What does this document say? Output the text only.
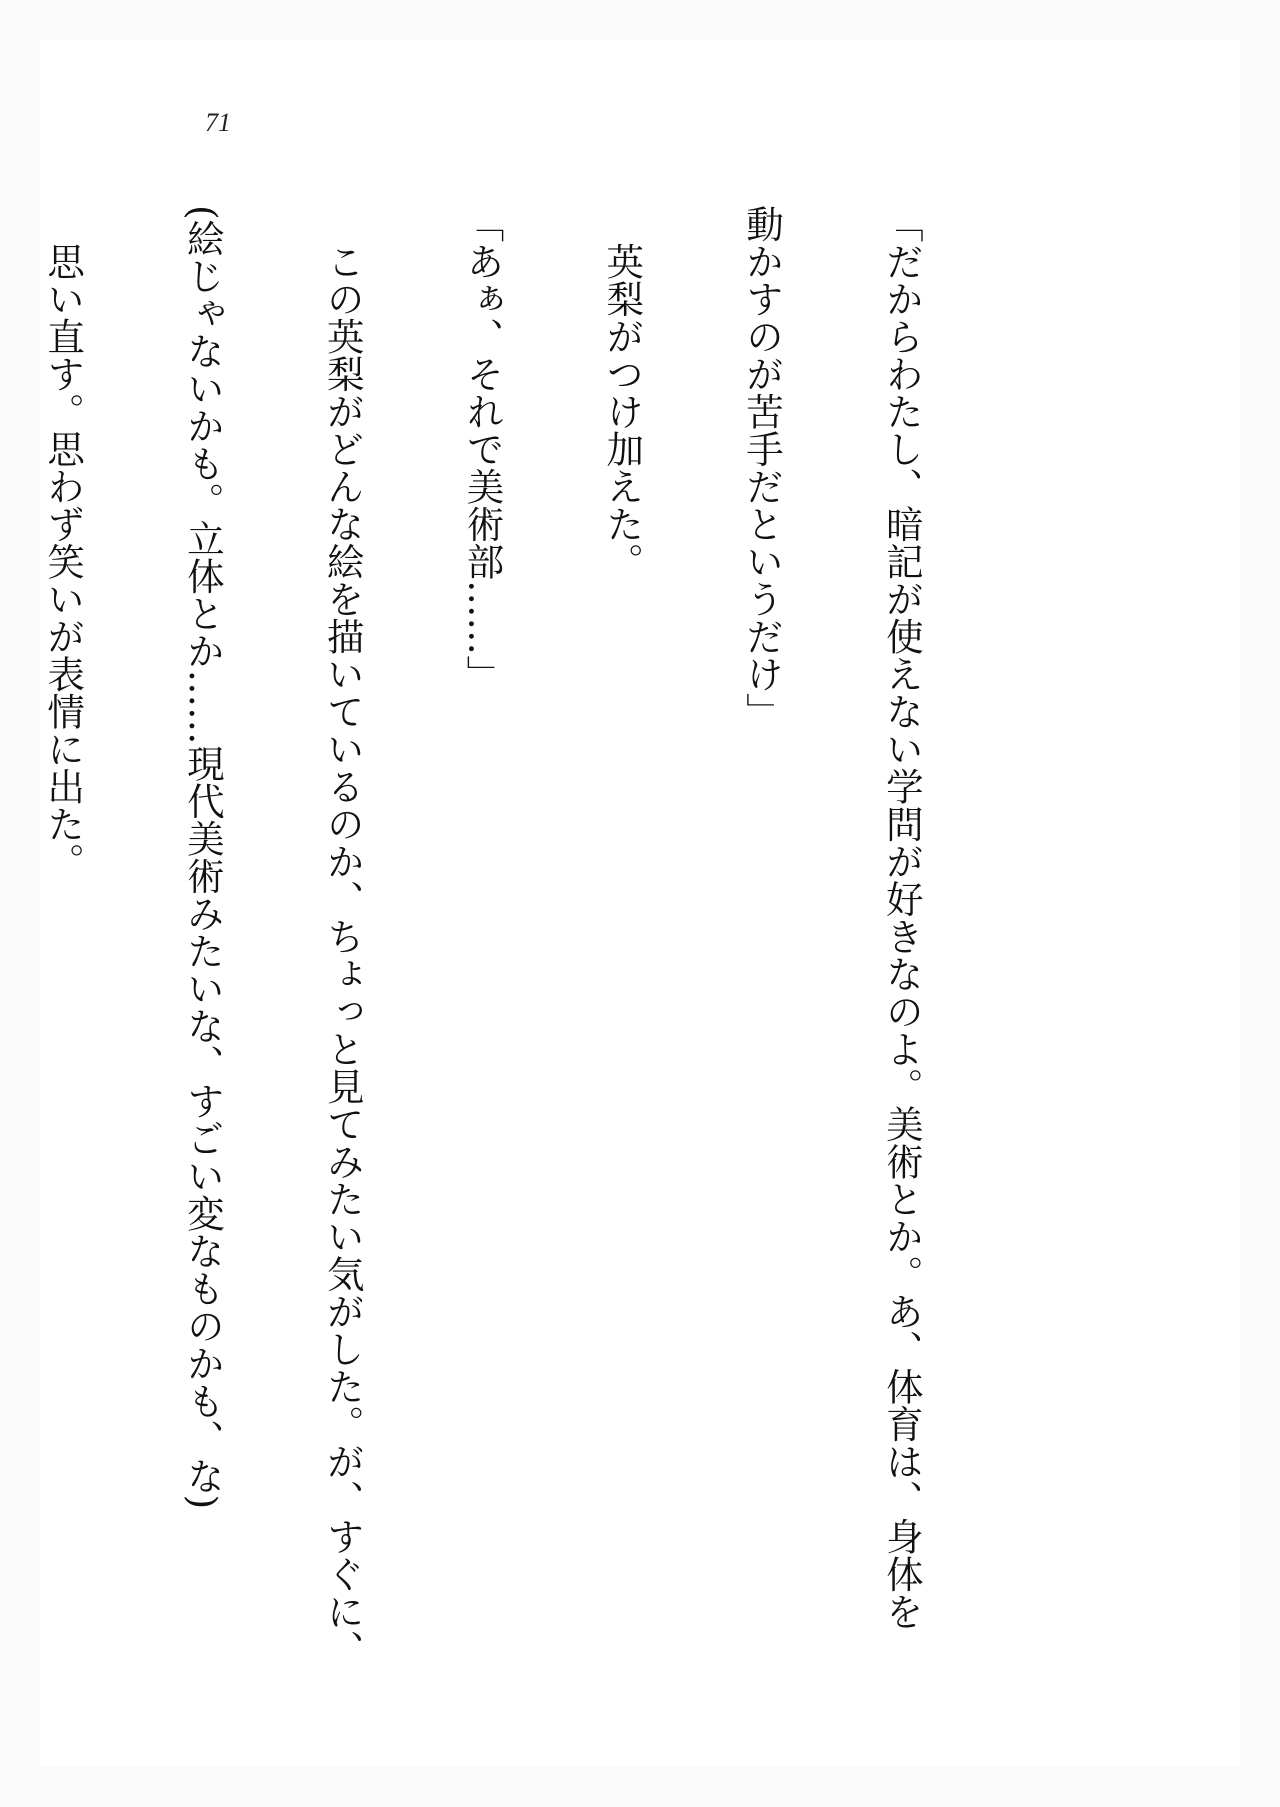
71

「だからわたし、暗記が使えない学問が好きなのよ。美術とか。あ、体育は、身体を

動かすのが苦手だというだけ」

　英梨がつけ加えた。

「あぁ、それで美術部……」

　この英梨がどんな絵を描いているのか、ちょっと見てみたい気がした。が、すぐに、

(絵じゃないかも。立体とか……現代美術みたいな、すごい変なものかも、な)

　思い直す。思わず笑いが表情に出た。
